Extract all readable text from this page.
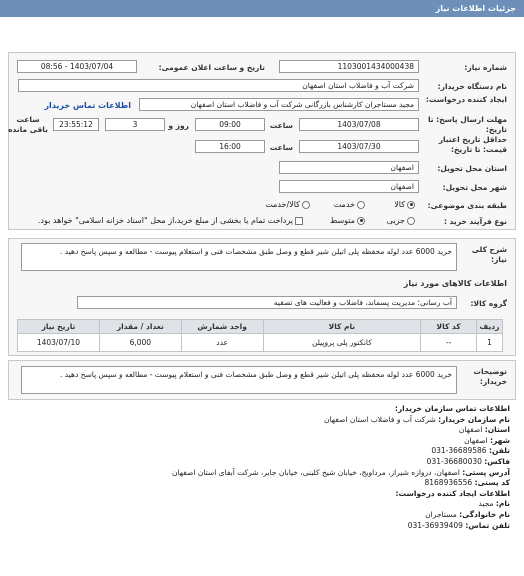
جزئیات اطلاعات نیاز
شماره نیاز:
1103001434000438
تاریخ و ساعت اعلان عمومی:
1403/07/04 - 08:56
نام دستگاه خریدار:
شرکت آب و فاضلاب استان اصفهان
ایجاد کننده درخواست:
مجید مستاجران کارشناس بازرگانی شرکت آب و فاضلاب استان اصفهان
اطلاعات تماس خریدار
مهلت ارسال پاسخ: تا تاریخ:
1403/07/08
ساعت
09:00
روز و
3
23:55:12
ساعت باقی مانده
حداقل تاریخ اعتبار قیمت: تا تاریخ:
1403/07/30
ساعت
16:00
استان محل تحویل:
اصفهان
شهر محل تحویل:
اصفهان
طبقه بندی موضوعی:
کالا
خدمت
کالا/خدمت
نوع فرآیند خرید :
جزیی
متوسط
پرداخت تمام یا بخشی از مبلغ خرید،از محل "اسناد خزانه اسلامی" خواهد بود.
شرح کلی نیاز:
خرید 6000 عدد لوله محفظه پلی اتیلن شیر قطع و وصل طبق مشخصات فنی و استعلام پیوست - مطالعه و سپس پاسخ دهید .
اطلاعات کالاهای مورد نیاز
گروه کالا:
آب رسانی؛ مدیریت پسماند، فاضلاب و فعالیت های تصفیه
ردیف	کد کالا	نام کالا	واحد شمارش	تعداد / مقدار	تاریخ نیاز
1	--	کانکتور پلی پروپیلن	عدد	6,000	1403/07/10
توضیحات خریدار:
خرید 6000 عدد لوله محفظه پلی اتیلن شیر قطع و وصل طبق مشخصات فنی و استعلام پیوست - مطالعه و سپس پاسخ دهید .
اطلاعات تماس سازمان خریدار:
نام سازمان خریدار: شرکت آب و فاضلاب استان اصفهان
استان: اصفهان
شهر: اصفهان
تلفن: 36689586-031
فاکس: 36680030-031
آدرس پستی: اصفهان، دروازه شیراز، مرداویج، خیابان شیخ کلینی، خیابان جابر، شرکت آبفای استان اصفهان
کد پستی: 8168936556
اطلاعات ایجاد کننده درخواست:
نام: مجید
نام خانوادگی: مستاجران
تلفن تماس: 36939409-031
